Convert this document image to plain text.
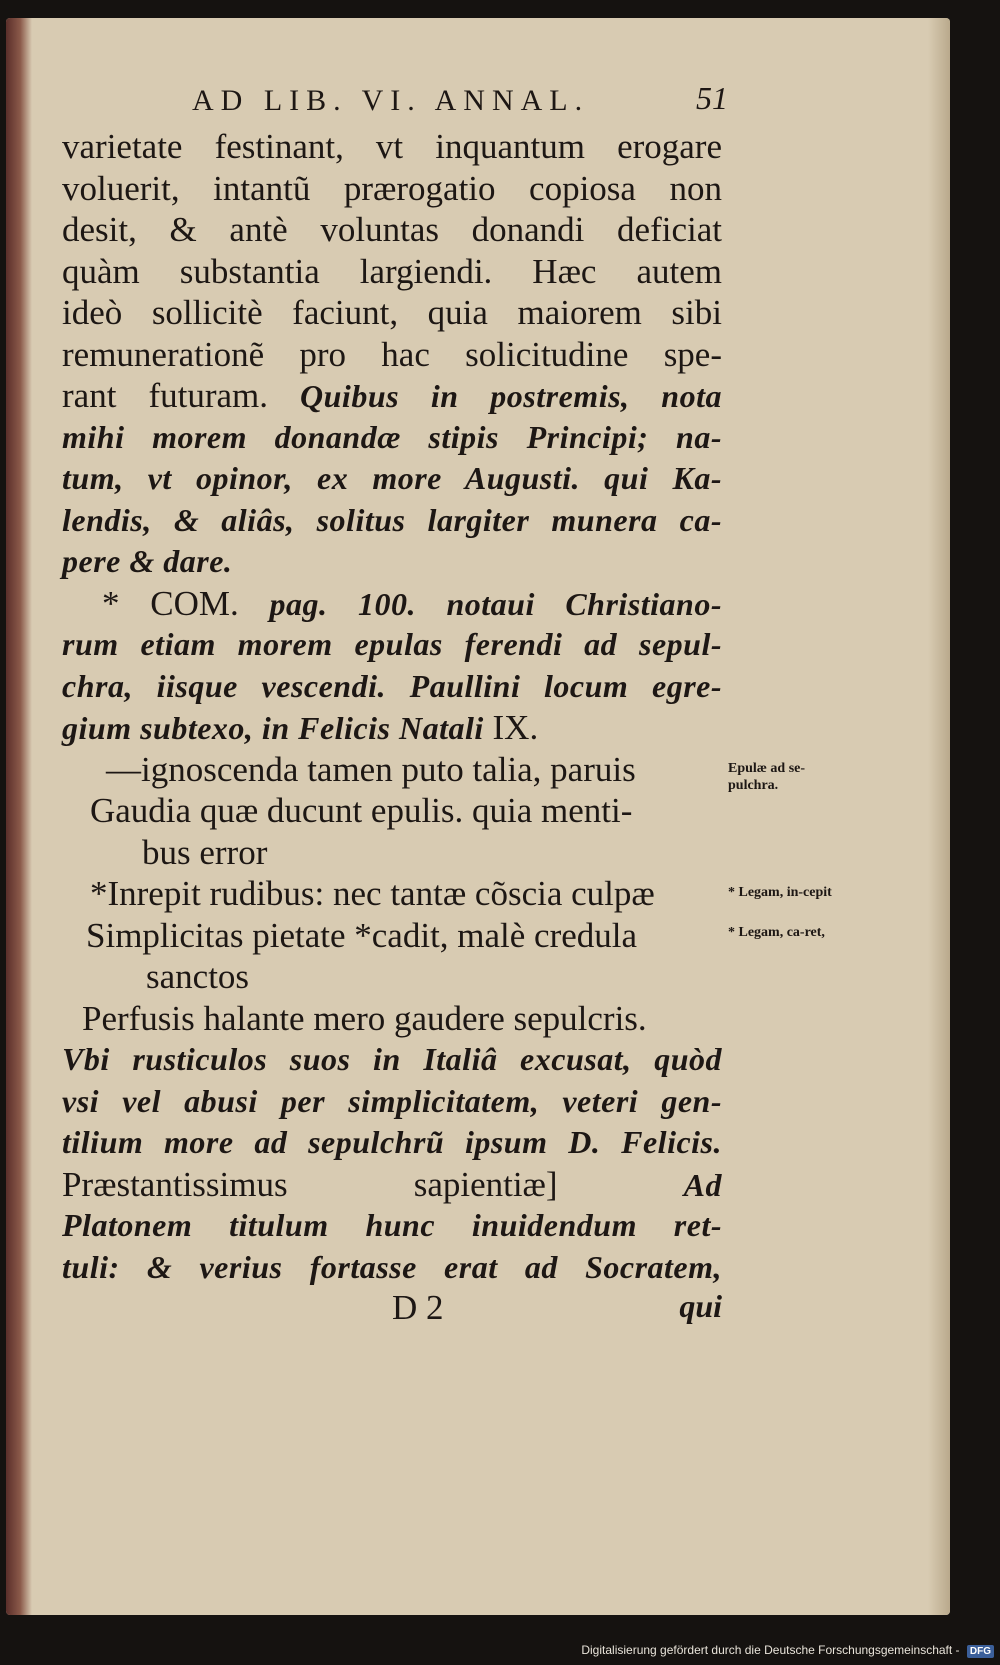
AD LIB. VI. ANNAL.	51
varietate festinant, vt inquantum erogare
voluerit, intantũ prærogatio copiosa non
desit, & antè voluntas donandi deficiat
quàm substantia largiendi. Hæc autem
ideò sollicitè faciunt, quia maiorem sibi
remunerationẽ pro hac solicitudine spe-
rant futuram. Quibus in postremis, nota
mihi morem donandæ stipis Principi; na-
tum, vt opinor, ex more Augusti. qui Ka-
lendis, & aliâs, solitus largiter munera ca-
pere & dare.
* COM. pag. 100. notaui Christiano-
rum etiam morem epulas ferendi ad sepul-
chra, iisque vescendi. Paullini locum egre-
gium subtexo, in Felicis Natali IX.
—ignoscenda tamen puto talia, paruis
Gaudia quæ ducunt epulis. quia menti-
bus error
*Inrepit rudibus: nec tantæ cõscia culpæ
Simplicitas pietate *cadit, malè credula
sanctos
Perfusis halante mero gaudere sepulcris.
Vbi rusticulos suos in Italiâ excusat, quòd
vsi vel abusi per simplicitatem, veteri gen-
tilium more ad sepulchrũ ipsum D. Felicis.
Præstantissimus sapientiæ]	Ad
Platonem titulum hunc inuidendum ret-
tuli: & verius fortasse erat ad Socratem,
D 2	qui
Epulæ ad se-pulchra.
* Legam, in-cepit
* Legam, ca-ret,
Digitalisierung gefördert durch die Deutsche Forschungsgemeinschaft - DFG
